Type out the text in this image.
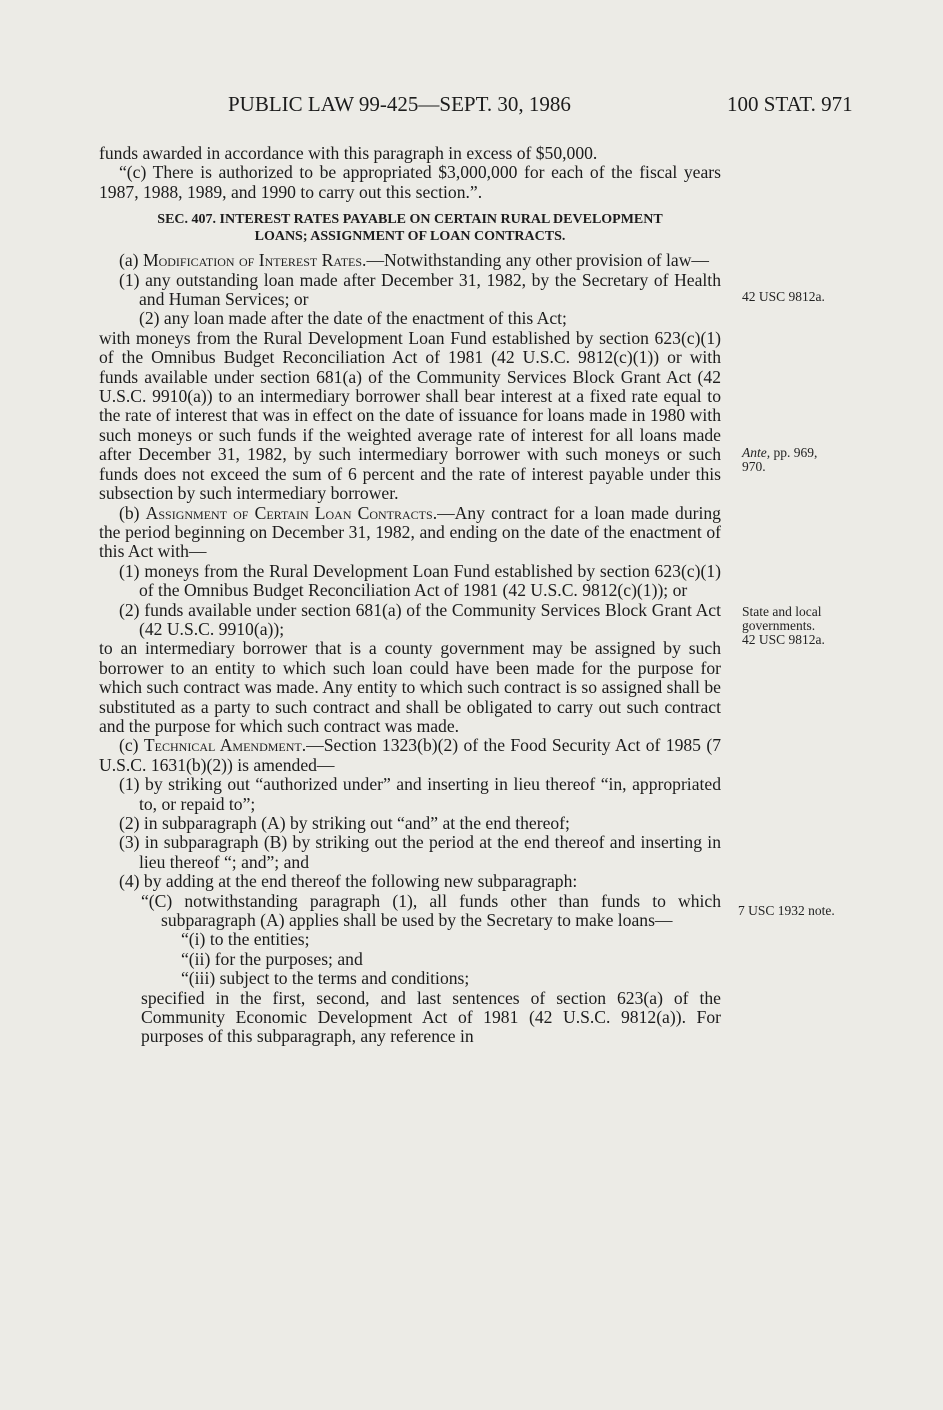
PUBLIC LAW 99-425—SEPT. 30, 1986	100 STAT. 971

funds awarded in accordance with this paragraph in excess of $50,000.

“(c) There is authorized to be appropriated $3,000,000 for each of the fiscal years 1987, 1988, 1989, and 1990 to carry out this section.”.

SEC. 407. INTEREST RATES PAYABLE ON CERTAIN RURAL DEVELOPMENT
LOANS; ASSIGNMENT OF LOAN CONTRACTS.

(a) Modification of Interest Rates.—Notwithstanding any other provision of law—

(1) any outstanding loan made after December 31, 1982, by the Secretary of Health and Human Services; or

(2) any loan made after the date of the enactment of this Act;

with moneys from the Rural Development Loan Fund established by section 623(c)(1) of the Omnibus Budget Reconciliation Act of 1981 (42 U.S.C. 9812(c)(1)) or with funds available under section 681(a) of the Community Services Block Grant Act (42 U.S.C. 9910(a)) to an intermediary borrower shall bear interest at a fixed rate equal to the rate of interest that was in effect on the date of issuance for loans made in 1980 with such moneys or such funds if the weighted average rate of interest for all loans made after December 31, 1982, by such intermediary borrower with such moneys or such funds does not exceed the sum of 6 percent and the rate of interest payable under this subsection by such intermediary borrower.

(b) Assignment of Certain Loan Contracts.—Any contract for a loan made during the period beginning on December 31, 1982, and ending on the date of the enactment of this Act with—

(1) moneys from the Rural Development Loan Fund established by section 623(c)(1) of the Omnibus Budget Reconciliation Act of 1981 (42 U.S.C. 9812(c)(1)); or

(2) funds available under section 681(a) of the Community Services Block Grant Act (42 U.S.C. 9910(a));

to an intermediary borrower that is a county government may be assigned by such borrower to an entity to which such loan could have been made for the purpose for which such contract was made. Any entity to which such contract is so assigned shall be substituted as a party to such contract and shall be obligated to carry out such contract and the purpose for which such contract was made.

(c) Technical Amendment.—Section 1323(b)(2) of the Food Security Act of 1985 (7 U.S.C. 1631(b)(2)) is amended—

(1) by striking out “authorized under” and inserting in lieu thereof “in, appropriated to, or repaid to”;

(2) in subparagraph (A) by striking out “and” at the end thereof;

(3) in subparagraph (B) by striking out the period at the end thereof and inserting in lieu thereof “; and”; and

(4) by adding at the end thereof the following new subparagraph:

“(C) notwithstanding paragraph (1), all funds other than funds to which subparagraph (A) applies shall be used by the Secretary to make loans—

“(i) to the entities;

“(ii) for the purposes; and

“(iii) subject to the terms and conditions;

specified in the first, second, and last sentences of section 623(a) of the Community Economic Development Act of 1981 (42 U.S.C. 9812(a)). For purposes of this subparagraph, any reference in

42 USC 9812a.
Ante, pp. 969,
970.
State and local
governments.
42 USC 9812a.
7 USC 1932 note.
